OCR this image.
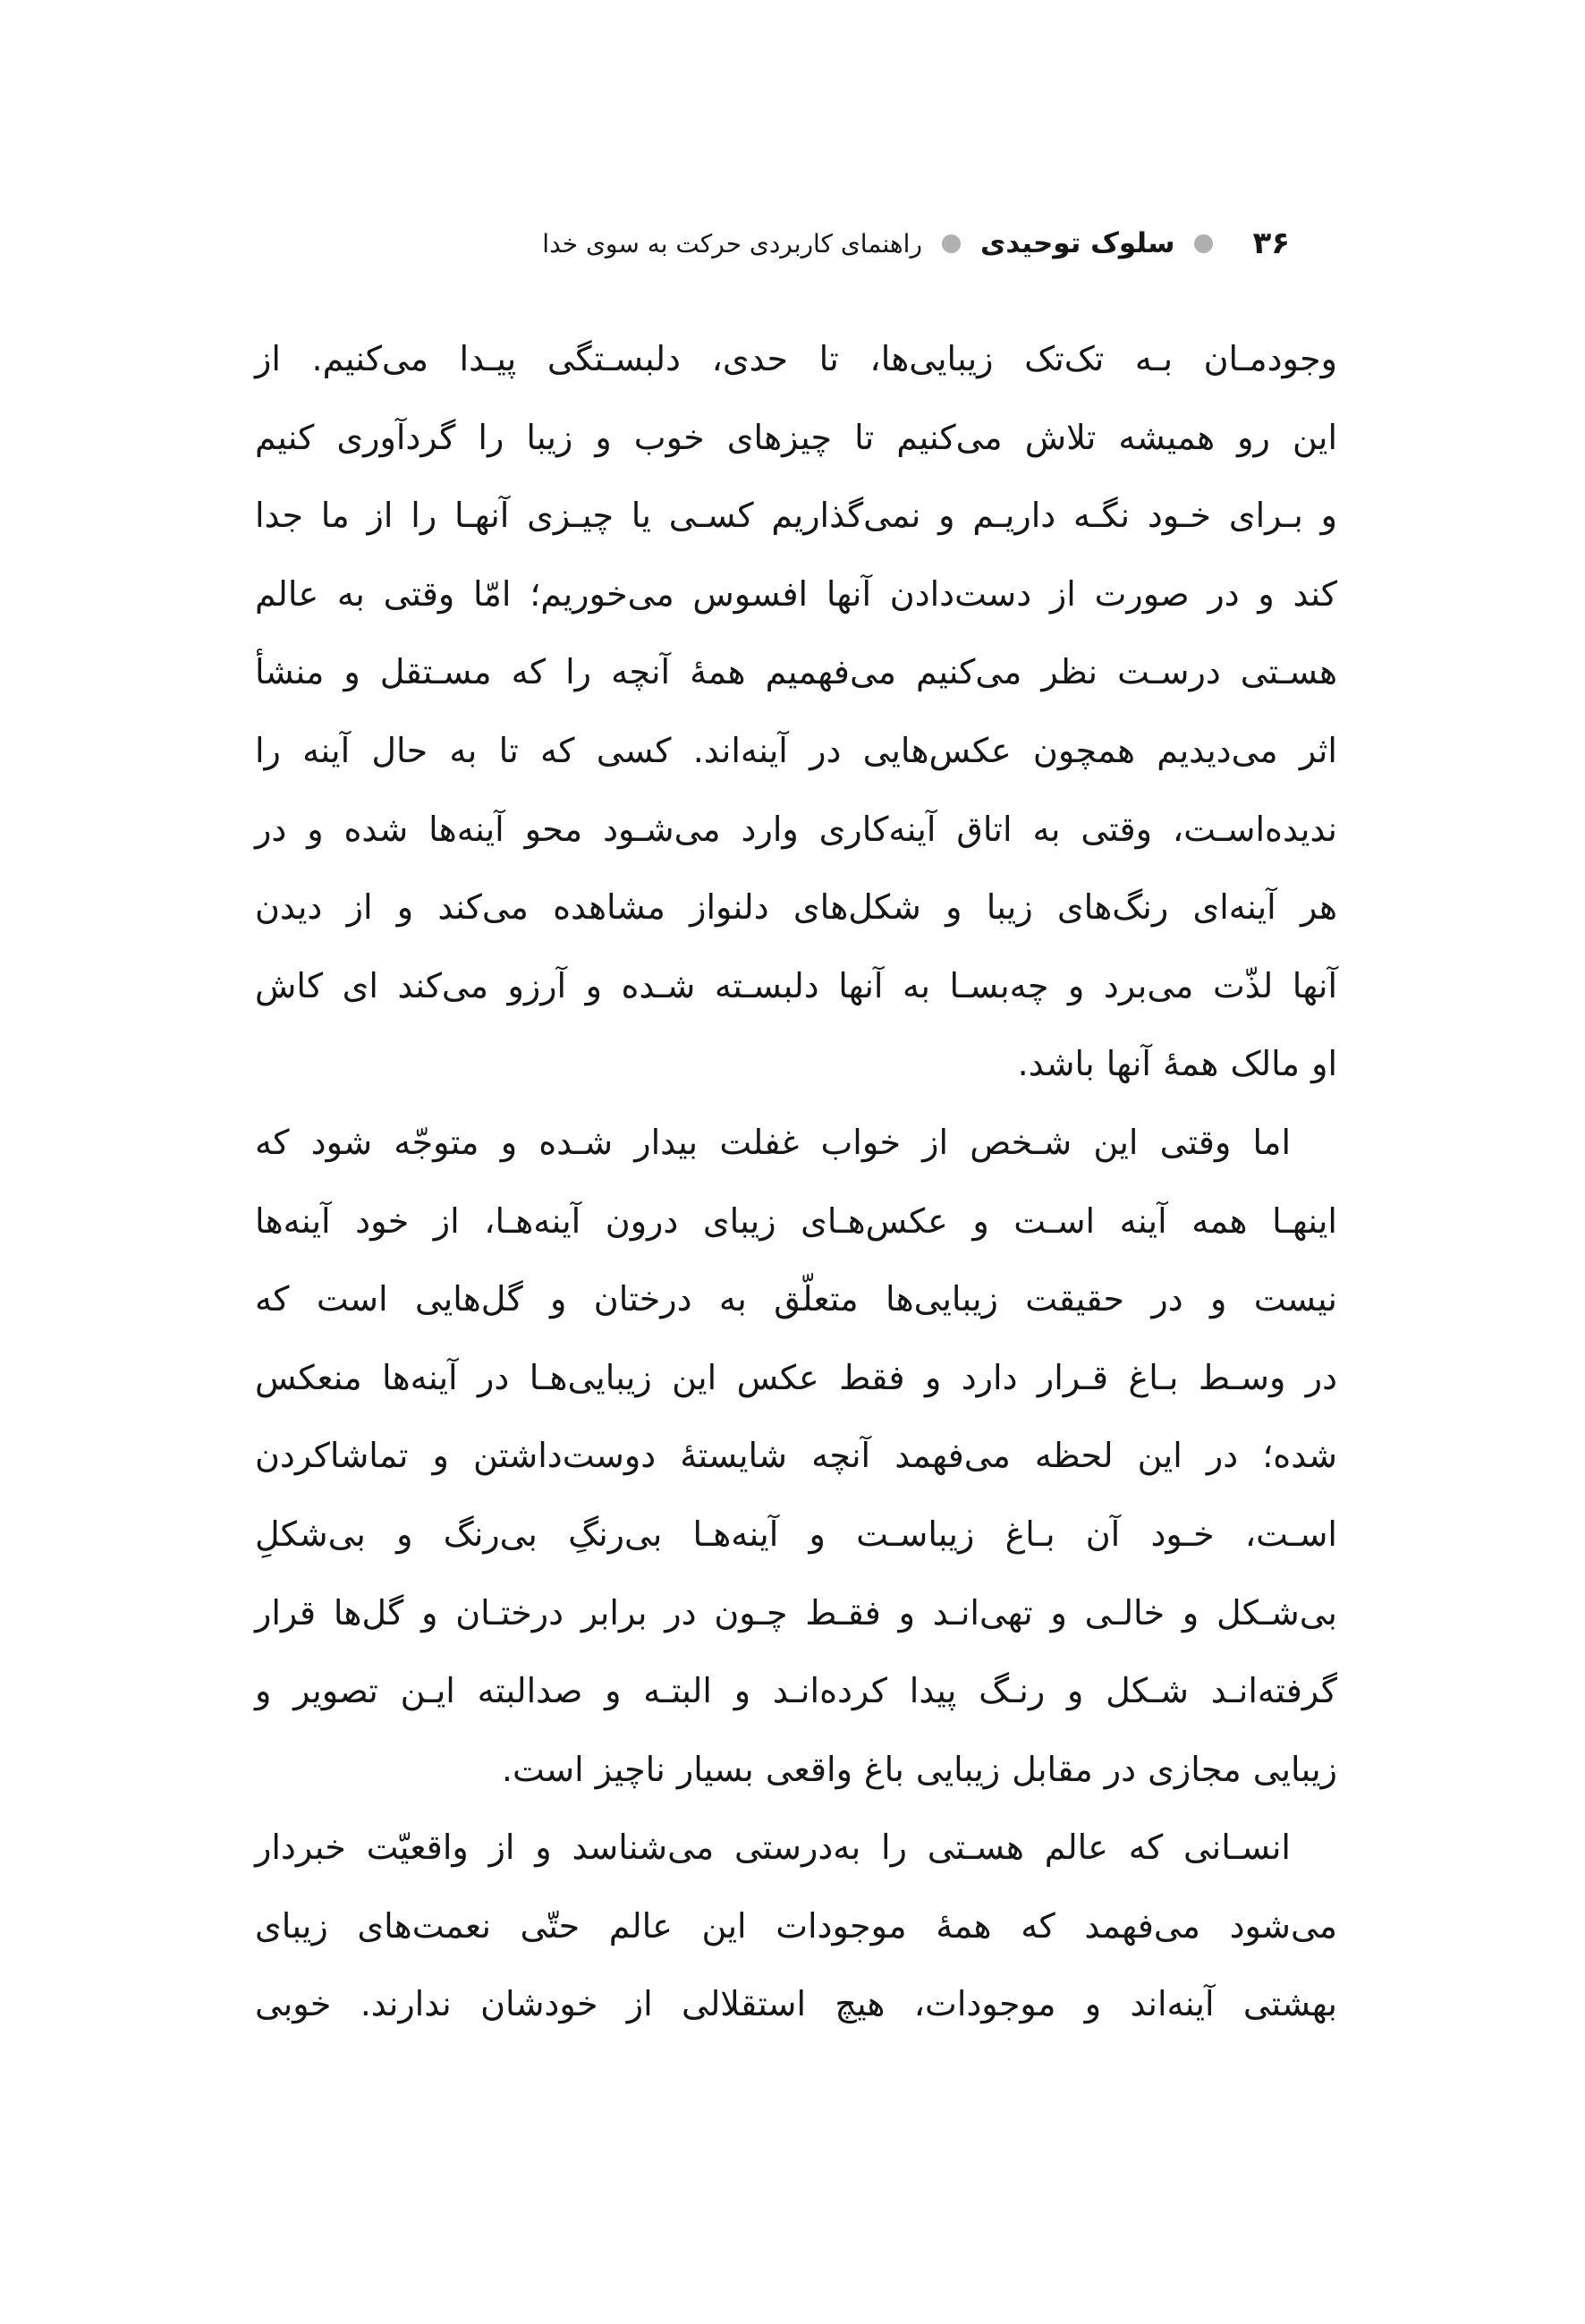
۳۶
سلوک توحیدی
راهنمای کاربردی حرکت به سوی خدا
وجودمـان بـه تک‌تک زیبایی‌ها، تا حدی، دلبسـتگی پیـدا می‌کنیم. از
این رو همیشه تلاش می‌کنیم تا چیزهای خوب و زیبا را گردآوری کنیم
و بـرای خـود نگـه داریـم و نمی‌گذاریم کسـی یا چیـزی آنهـا را از ما جدا
کند و در صورت از دست‌دادن آنها افسوس می‌خوریم؛ امّا وقتی به عالم
هسـتی درسـت نظر می‌کنیم می‌فهمیم همهٔ آنچه را که مسـتقل و منشأ
اثر می‌دیدیم همچون عکس‌هایی در آینه‌اند. کسی که تا به حال آینه را
ندیده‌اسـت، وقتی به اتاق آینه‌کاری وارد می‌شـود محو آینه‌ها شده و در
هر آینه‌ای رنگ‌های زیبا و شکل‌های دلنواز مشاهده می‌کند و از دیدن
آنها لذّت می‌برد و چه‌بسـا به آنها دلبسـته شـده و آرزو می‌کند ای کاش
او مالک همهٔ آنها باشد.
اما وقتی این شـخص از خواب غفلت بیدار شـده و متوجّه شود که
اینهـا همه آینه اسـت و عکس‌هـای زیبای درون آینه‌هـا، از خود آینه‌ها
نیست و در حقیقت زیبایی‌ها متعلّق به درختان و گل‌هایی است که
در وسـط بـاغ قـرار دارد و فقط عکس این زیبایی‌هـا در آینه‌ها منعکس
شده؛ در این لحظه می‌فهمد آنچه شایستهٔ دوست‌داشتن و تماشاکردن
اسـت، خـود آن بـاغ زیباسـت و آینه‌هـا بی‌رنگِ بی‌رنگ و بی‌شکلِ
بی‌شـکل و خالـی و تهی‌انـد و فقـط چـون در برابر درختـان و گل‌ها قرار
گرفته‌انـد شـکل و رنـگ پیدا کرده‌انـد و البتـه و صدالبته ایـن تصویر و
زیبایی مجازی در مقابل زیبایی باغ واقعی بسیار ناچیز است.
انسـانی که عالم هسـتی را به‌درستی می‌شناسد و از واقعیّت خبردار
می‌شود می‌فهمد که همهٔ موجودات این عالم حتّی نعمت‌های زیبای
بهشتی آینه‌اند و موجودات، هیچ استقلالی از خودشان ندارند. خوبی
